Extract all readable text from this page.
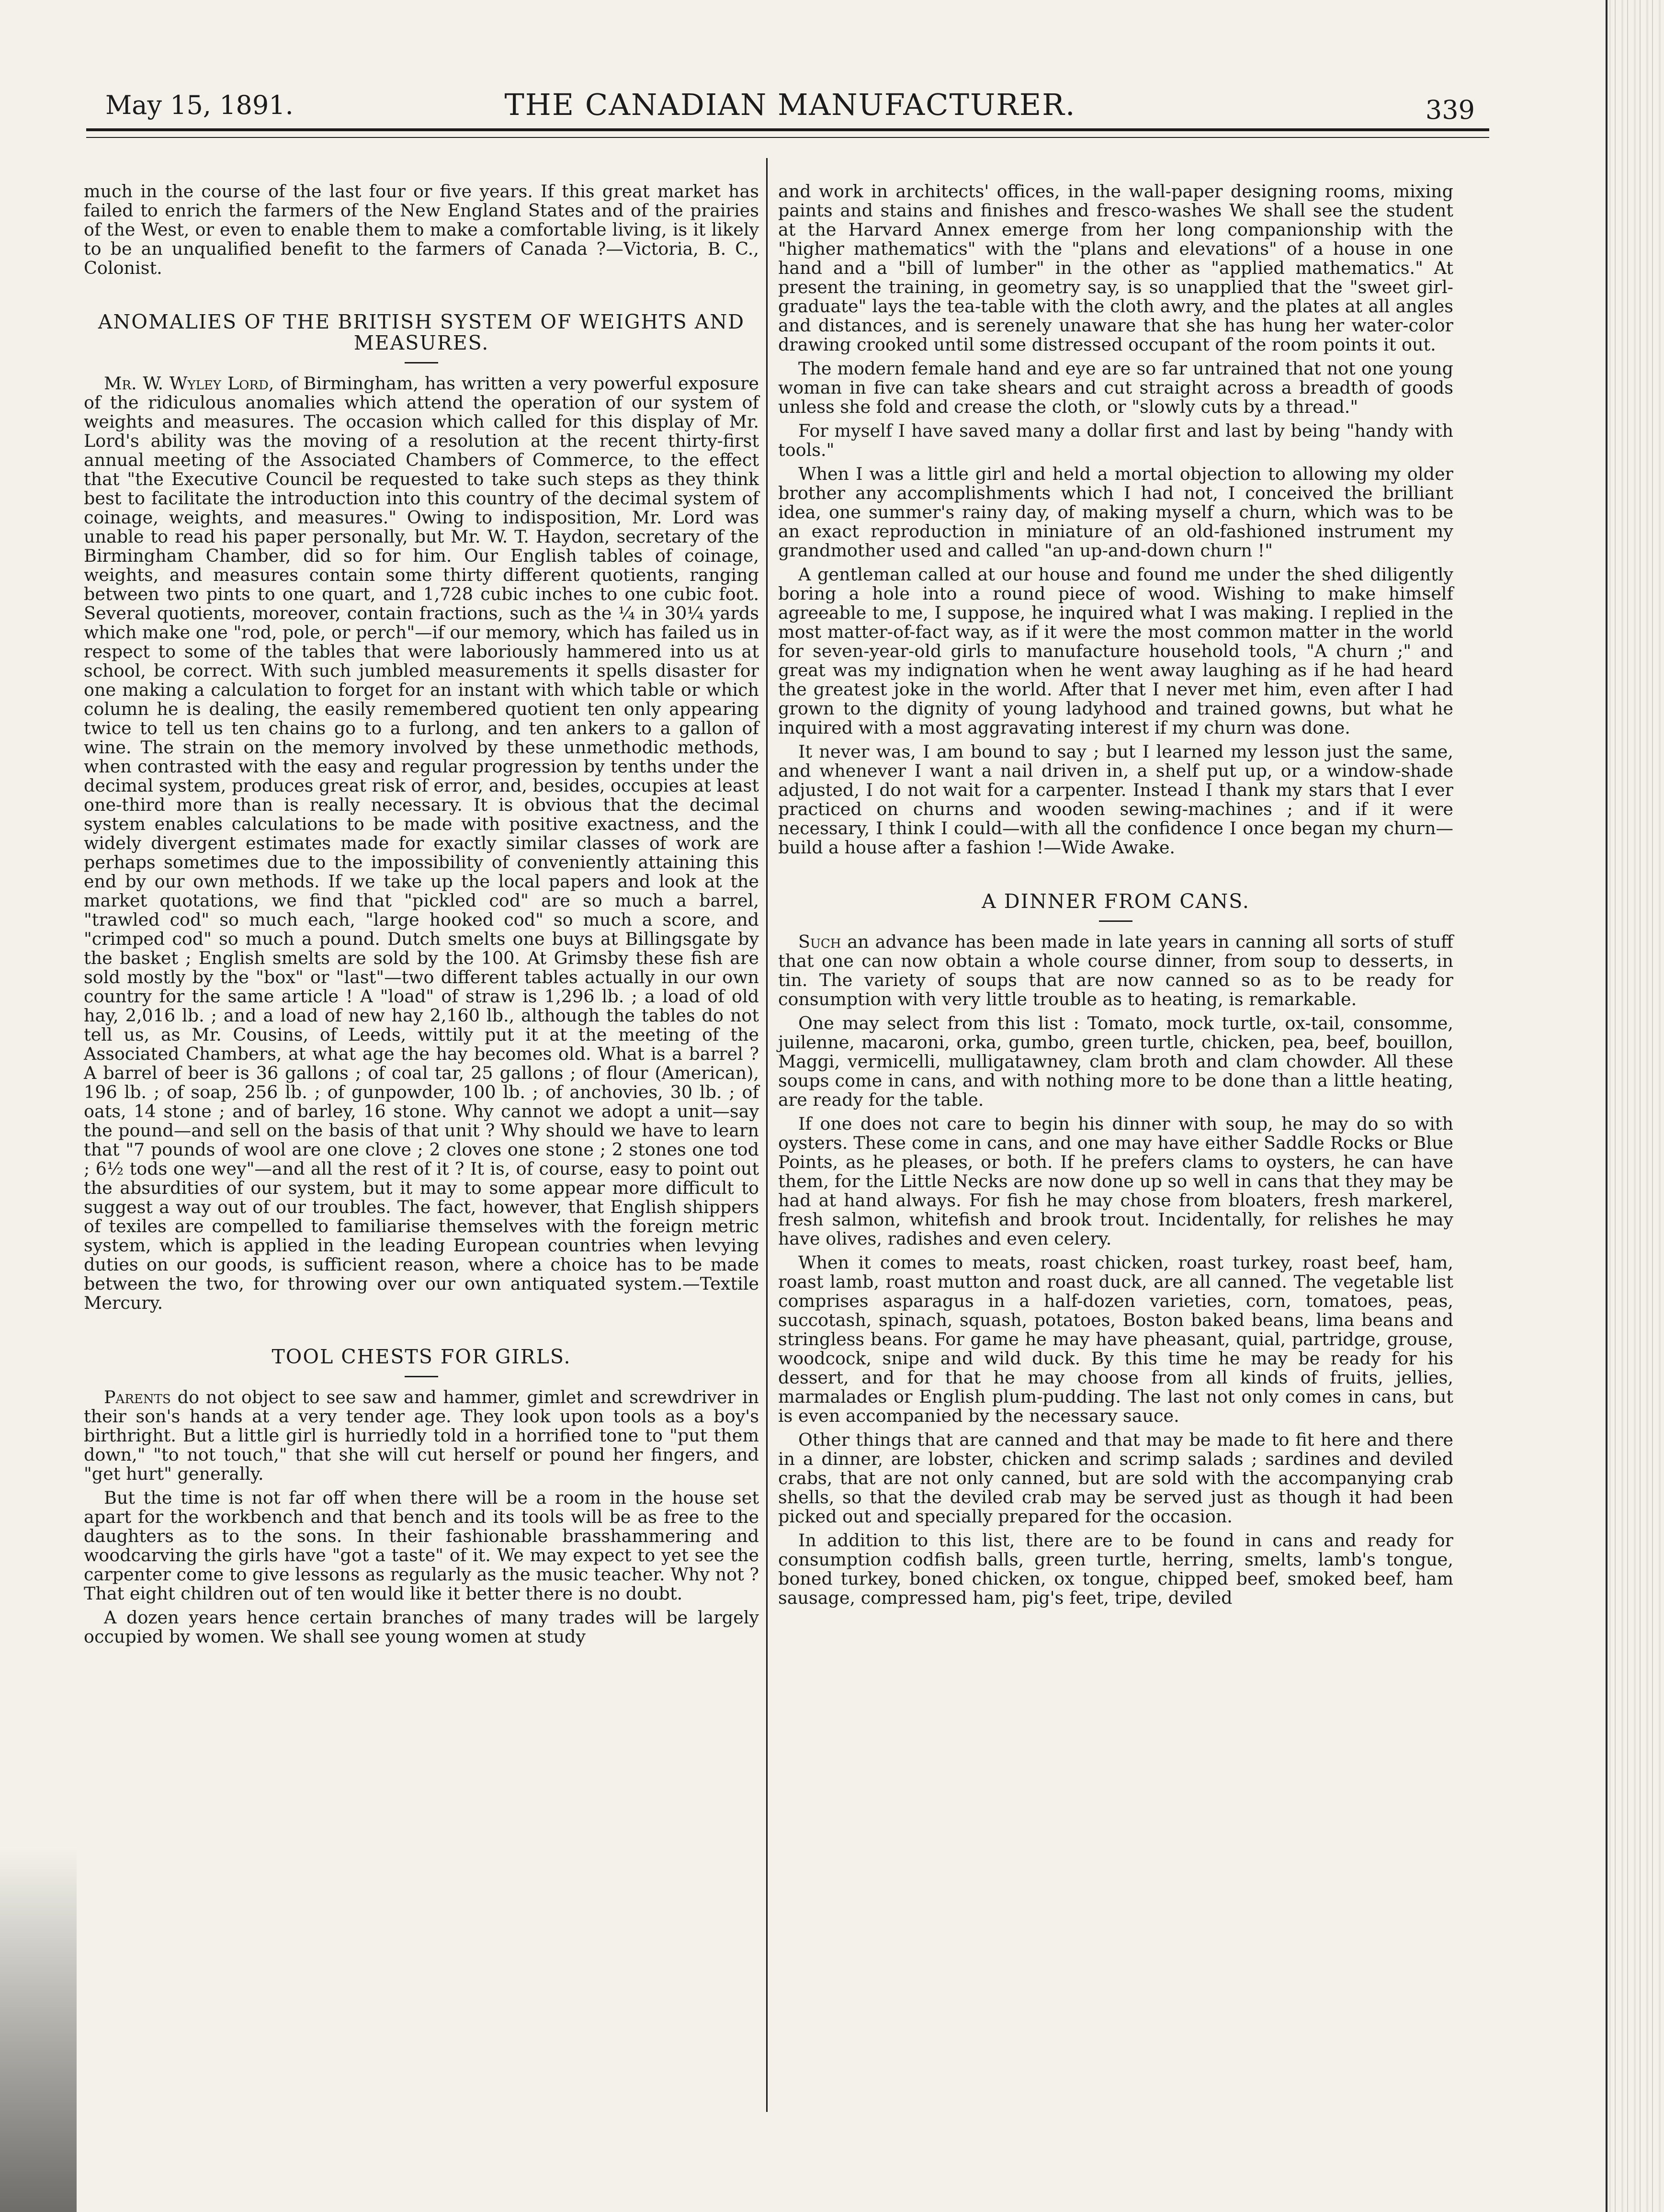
May 15, 1891.	THE CANADIAN MANUFACTURER.	339

much in the course of the last four or five years. If this great market has failed to enrich the farmers of the New England States and of the prairies of the West, or even to enable them to make a comfortable living, is it likely to be an unqualified benefit to the farmers of Canada ?—Victoria, B. C., Colonist.

ANOMALIES OF THE BRITISH SYSTEM OF WEIGHTS AND MEASURES.

Mr. W. Wyley Lord, of Birmingham, has written a very powerful exposure of the ridiculous anomalies which attend the operation of our system of weights and measures. The occasion which called for this display of Mr. Lord's ability was the moving of a resolution at the recent thirty-first annual meeting of the Associated Chambers of Commerce, to the effect that "the Executive Council be requested to take such steps as they think best to facilitate the introduction into this country of the decimal system of coinage, weights, and measures." Owing to indisposition, Mr. Lord was unable to read his paper personally, but Mr. W. T. Haydon, secretary of the Birmingham Chamber, did so for him. Our English tables of coinage, weights, and measures contain some thirty different quotients, ranging between two pints to one quart, and 1,728 cubic inches to one cubic foot. Several quotients, moreover, contain fractions, such as the ¼ in 30¼ yards which make one "rod, pole, or perch"—if our memory, which has failed us in respect to some of the tables that were laboriously hammered into us at school, be correct. With such jumbled measurements it spells disaster for one making a calculation to forget for an instant with which table or which column he is dealing, the easily remembered quotient ten only appearing twice to tell us ten chains go to a furlong, and ten ankers to a gallon of wine. The strain on the memory involved by these unmethodic methods, when contrasted with the easy and regular progression by tenths under the decimal system, produces great risk of error, and, besides, occupies at least one-third more than is really necessary. It is obvious that the decimal system enables calculations to be made with positive exactness, and the widely divergent estimates made for exactly similar classes of work are perhaps sometimes due to the impossibility of conveniently attaining this end by our own methods. If we take up the local papers and look at the market quotations, we find that "pickled cod" are so much a barrel, "trawled cod" so much each, "large hooked cod" so much a score, and "crimped cod" so much a pound. Dutch smelts one buys at Billingsgate by the basket ; English smelts are sold by the 100. At Grimsby these fish are sold mostly by the "box" or "last"—two different tables actually in our own country for the same article ! A "load" of straw is 1,296 lb. ; a load of old hay, 2,016 lb. ; and a load of new hay 2,160 lb., although the tables do not tell us, as Mr. Cousins, of Leeds, wittily put it at the meeting of the Associated Chambers, at what age the hay becomes old. What is a barrel ? A barrel of beer is 36 gallons ; of coal tar, 25 gallons ; of flour (American), 196 lb. ; of soap, 256 lb. ; of gunpowder, 100 lb. ; of anchovies, 30 lb. ; of oats, 14 stone ; and of barley, 16 stone. Why cannot we adopt a unit—say the pound—and sell on the basis of that unit ? Why should we have to learn that "7 pounds of wool are one clove ; 2 cloves one stone ; 2 stones one tod ; 6½ tods one wey"—and all the rest of it ? It is, of course, easy to point out the absurdities of our system, but it may to some appear more difficult to suggest a way out of our troubles. The fact, however, that English shippers of texiles are compelled to familiarise themselves with the foreign metric system, which is applied in the leading European countries when levying duties on our goods, is sufficient reason, where a choice has to be made between the two, for throwing over our own antiquated system.—Textile Mercury.

TOOL CHESTS FOR GIRLS.

Parents do not object to see saw and hammer, gimlet and screwdriver in their son's hands at a very tender age. They look upon tools as a boy's birthright. But a little girl is hurriedly told in a horrified tone to "put them down," "to not touch," that she will cut herself or pound her fingers, and "get hurt" generally.

But the time is not far off when there will be a room in the house set apart for the workbench and that bench and its tools will be as free to the daughters as to the sons. In their fashionable brasshammering and woodcarving the girls have "got a taste" of it. We may expect to yet see the carpenter come to give lessons as regularly as the music teacher. Why not ? That eight children out of ten would like it better there is no doubt.

A dozen years hence certain branches of many trades will be largely occupied by women. We shall see young women at study

and work in architects' offices, in the wall-paper designing rooms, mixing paints and stains and finishes and fresco-washes We shall see the student at the Harvard Annex emerge from her long companionship with the "higher mathematics" with the "plans and elevations" of a house in one hand and a "bill of lumber" in the other as "applied mathematics." At present the training, in geometry say, is so unapplied that the "sweet girl-graduate" lays the tea-table with the cloth awry, and the plates at all angles and distances, and is serenely unaware that she has hung her water-color drawing crooked until some distressed occupant of the room points it out.

The modern female hand and eye are so far untrained that not one young woman in five can take shears and cut straight across a breadth of goods unless she fold and crease the cloth, or "slowly cuts by a thread."

For myself I have saved many a dollar first and last by being "handy with tools."

When I was a little girl and held a mortal objection to allowing my older brother any accomplishments which I had not, I conceived the brilliant idea, one summer's rainy day, of making myself a churn, which was to be an exact reproduction in miniature of an old-fashioned instrument my grandmother used and called "an up-and-down churn !"

A gentleman called at our house and found me under the shed diligently boring a hole into a round piece of wood. Wishing to make himself agreeable to me, I suppose, he inquired what I was making. I replied in the most matter-of-fact way, as if it were the most common matter in the world for seven-year-old girls to manufacture household tools, "A churn ;" and great was my indignation when he went away laughing as if he had heard the greatest joke in the world. After that I never met him, even after I had grown to the dignity of young ladyhood and trained gowns, but what he inquired with a most aggravating interest if my churn was done.

It never was, I am bound to say ; but I learned my lesson just the same, and whenever I want a nail driven in, a shelf put up, or a window-shade adjusted, I do not wait for a carpenter. Instead I thank my stars that I ever practiced on churns and wooden sewing-machines ; and if it were necessary, I think I could—with all the confidence I once began my churn—build a house after a fashion !—Wide Awake.

A DINNER FROM CANS.

Such an advance has been made in late years in canning all sorts of stuff that one can now obtain a whole course dinner, from soup to desserts, in tin. The variety of soups that are now canned so as to be ready for consumption with very little trouble as to heating, is remarkable.

One may select from this list : Tomato, mock turtle, ox-tail, consomme, juilenne, macaroni, orka, gumbo, green turtle, chicken, pea, beef, bouillon, Maggi, vermicelli, mulligatawney, clam broth and clam chowder. All these soups come in cans, and with nothing more to be done than a little heating, are ready for the table.

If one does not care to begin his dinner with soup, he may do so with oysters. These come in cans, and one may have either Saddle Rocks or Blue Points, as he pleases, or both. If he prefers clams to oysters, he can have them, for the Little Necks are now done up so well in cans that they may be had at hand always. For fish he may chose from bloaters, fresh markerel, fresh salmon, whitefish and brook trout. Incidentally, for relishes he may have olives, radishes and even celery.

When it comes to meats, roast chicken, roast turkey, roast beef, ham, roast lamb, roast mutton and roast duck, are all canned. The vegetable list comprises asparagus in a half-dozen varieties, corn, tomatoes, peas, succotash, spinach, squash, potatoes, Boston baked beans, lima beans and stringless beans. For game he may have pheasant, quial, partridge, grouse, woodcock, snipe and wild duck. By this time he may be ready for his dessert, and for that he may choose from all kinds of fruits, jellies, marmalades or English plum-pudding. The last not only comes in cans, but is even accompanied by the necessary sauce.

Other things that are canned and that may be made to fit here and there in a dinner, are lobster, chicken and scrimp salads ; sardines and deviled crabs, that are not only canned, but are sold with the accompanying crab shells, so that the deviled crab may be served just as though it had been picked out and specially prepared for the occasion.

In addition to this list, there are to be found in cans and ready for consumption codfish balls, green turtle, herring, smelts, lamb's tongue, boned turkey, boned chicken, ox tongue, chipped beef, smoked beef, ham sausage, compressed ham, pig's feet, tripe, deviled
